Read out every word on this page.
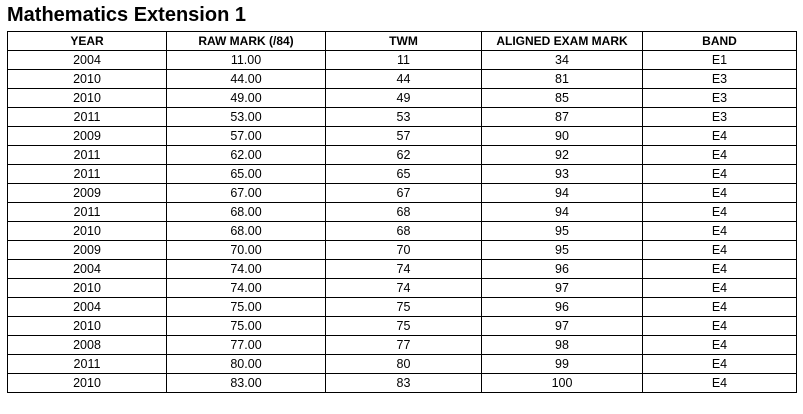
Mathematics Extension 1
YEAR	RAW MARK (/84)	TWM	ALIGNED EXAM MARK	BAND
2004	11.00	11	34	E1
2010	44.00	44	81	E3
2010	49.00	49	85	E3
2011	53.00	53	87	E3
2009	57.00	57	90	E4
2011	62.00	62	92	E4
2011	65.00	65	93	E4
2009	67.00	67	94	E4
2011	68.00	68	94	E4
2010	68.00	68	95	E4
2009	70.00	70	95	E4
2004	74.00	74	96	E4
2010	74.00	74	97	E4
2004	75.00	75	96	E4
2010	75.00	75	97	E4
2008	77.00	77	98	E4
2011	80.00	80	99	E4
2010	83.00	83	100	E4
